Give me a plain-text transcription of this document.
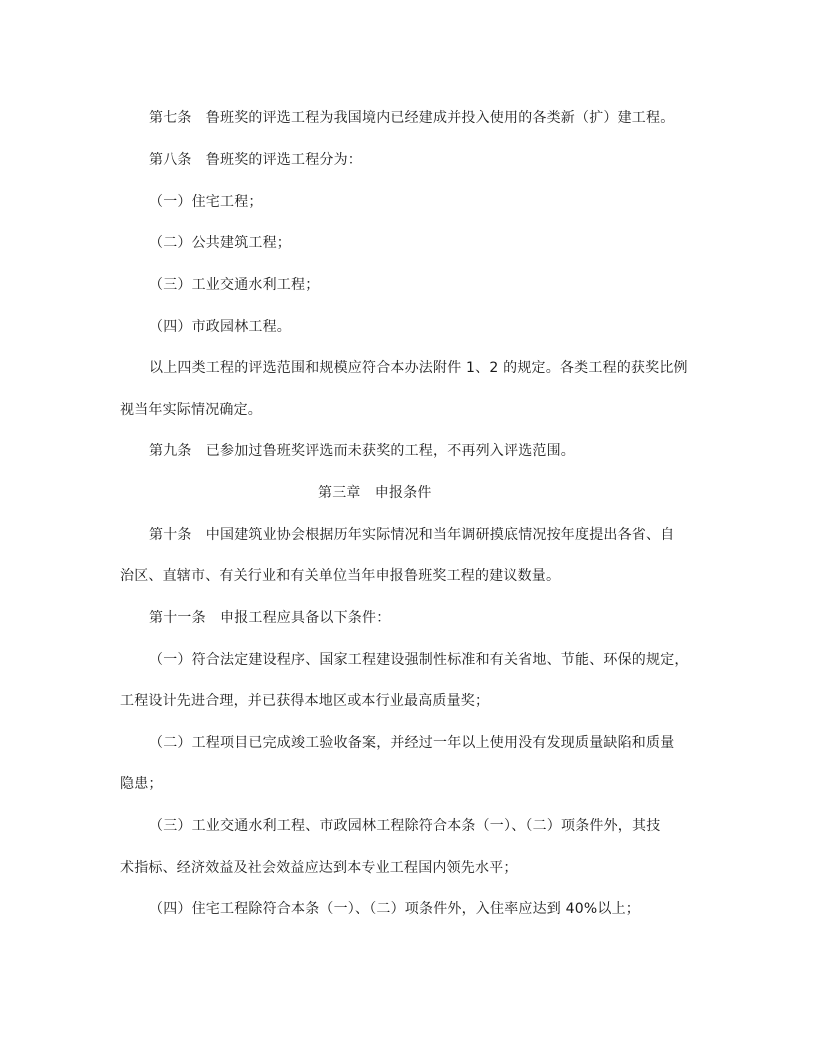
第七条　鲁班奖的评选工程为我国境内已经建成并投入使用的各类新（扩）建工程。
第八条　鲁班奖的评选工程分为：
（一）住宅工程；
（二）公共建筑工程；
（三）工业交通水利工程；
（四）市政园林工程。
以上四类工程的评选范围和规模应符合本办法附件 1、2 的规定。各类工程的获奖比例
视当年实际情况确定。
第九条　已参加过鲁班奖评选而未获奖的工程，不再列入评选范围。
第三章　申报条件
第十条　中国建筑业协会根据历年实际情况和当年调研摸底情况按年度提出各省、自
治区、直辖市、有关行业和有关单位当年申报鲁班奖工程的建议数量。
第十一条　申报工程应具备以下条件：
（一）符合法定建设程序、国家工程建设强制性标准和有关省地、节能、环保的规定，
工程设计先进合理，并已获得本地区或本行业最高质量奖；
（二）工程项目已完成竣工验收备案，并经过一年以上使用没有发现质量缺陷和质量
隐患；
（三）工业交通水利工程、市政园林工程除符合本条（一）、（二）项条件外，其技
术指标、经济效益及社会效益应达到本专业工程国内领先水平；
（四）住宅工程除符合本条（一）、（二）项条件外，入住率应达到 40%以上；
